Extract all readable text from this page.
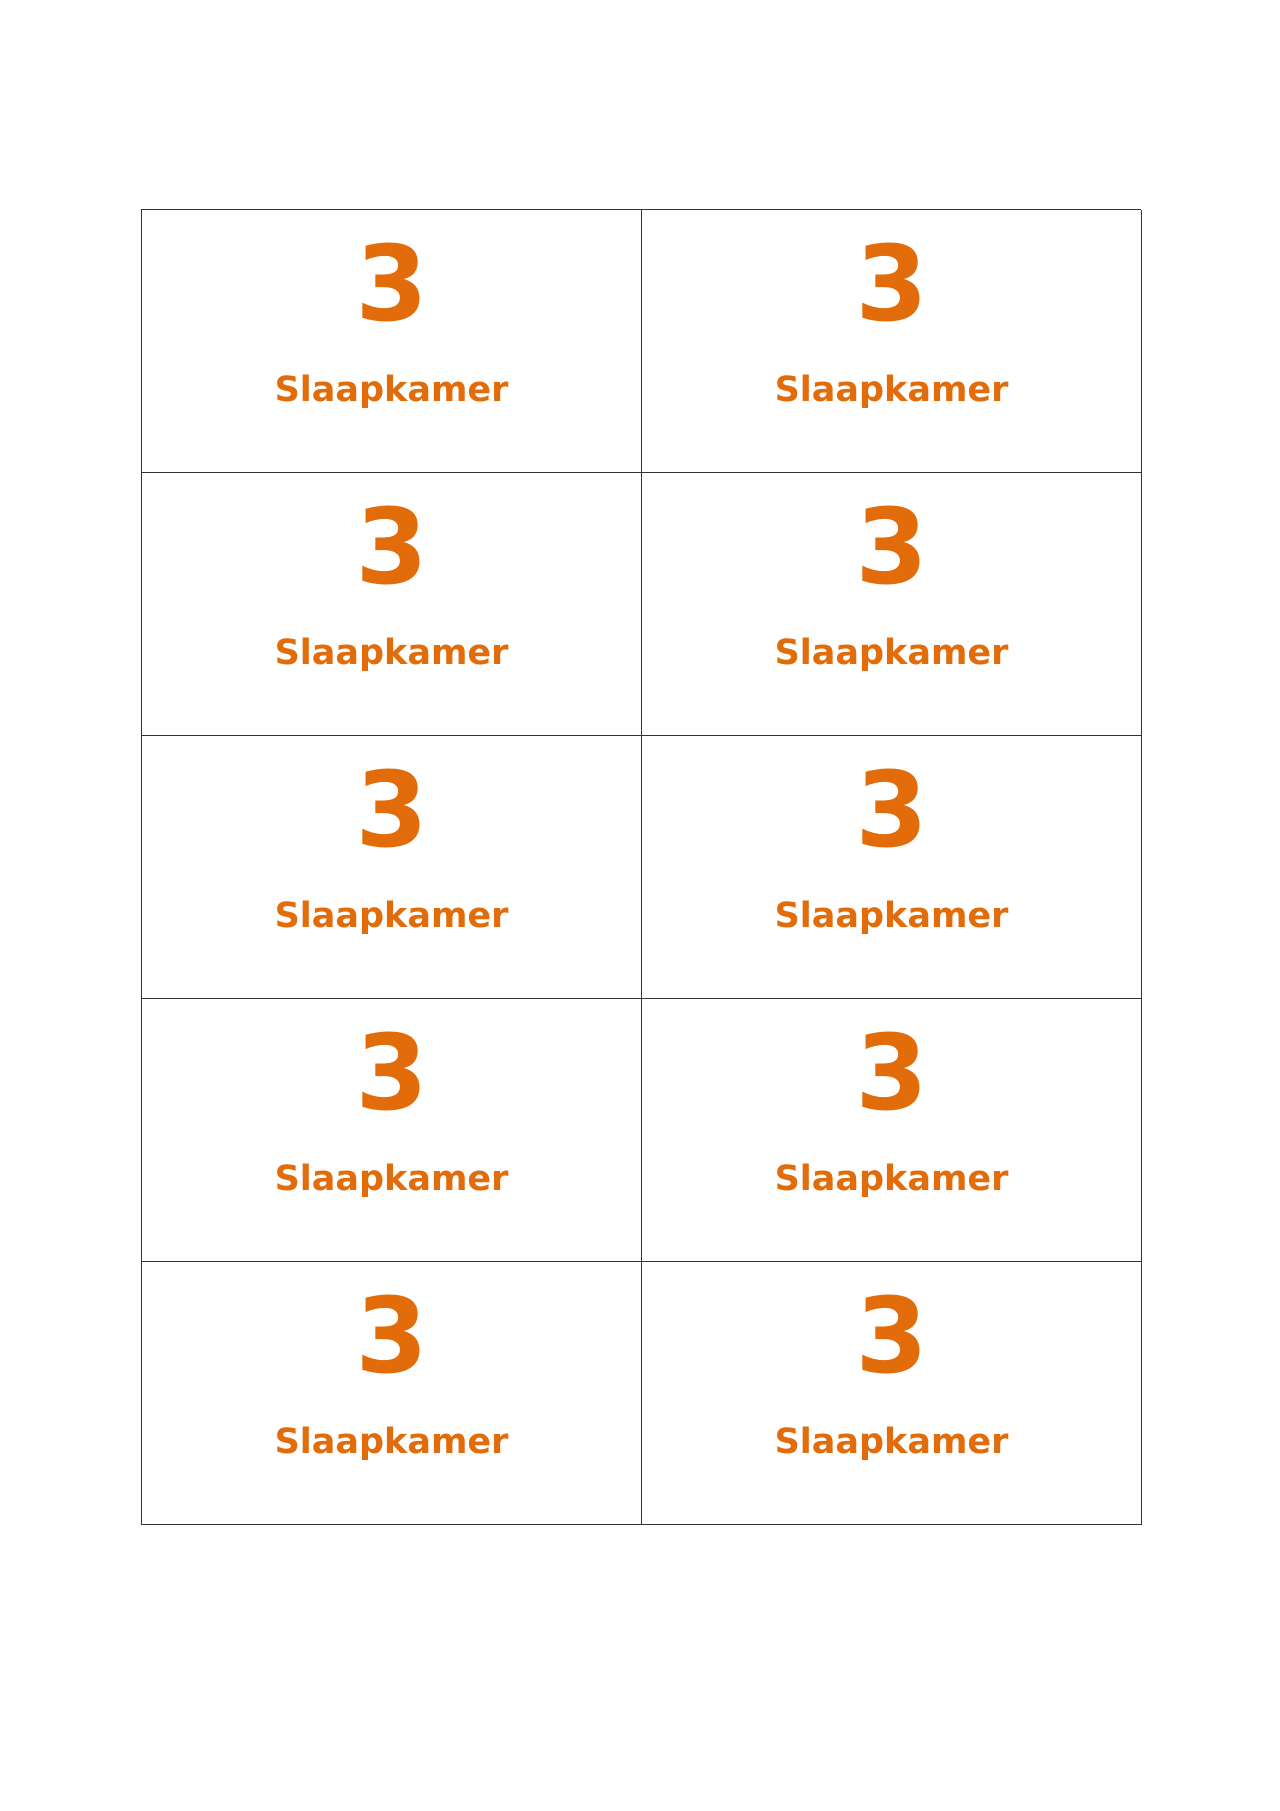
3
Slaapkamer
3
Slaapkamer
3
Slaapkamer
3
Slaapkamer
3
Slaapkamer
3
Slaapkamer
3
Slaapkamer
3
Slaapkamer
3
Slaapkamer
3
Slaapkamer
